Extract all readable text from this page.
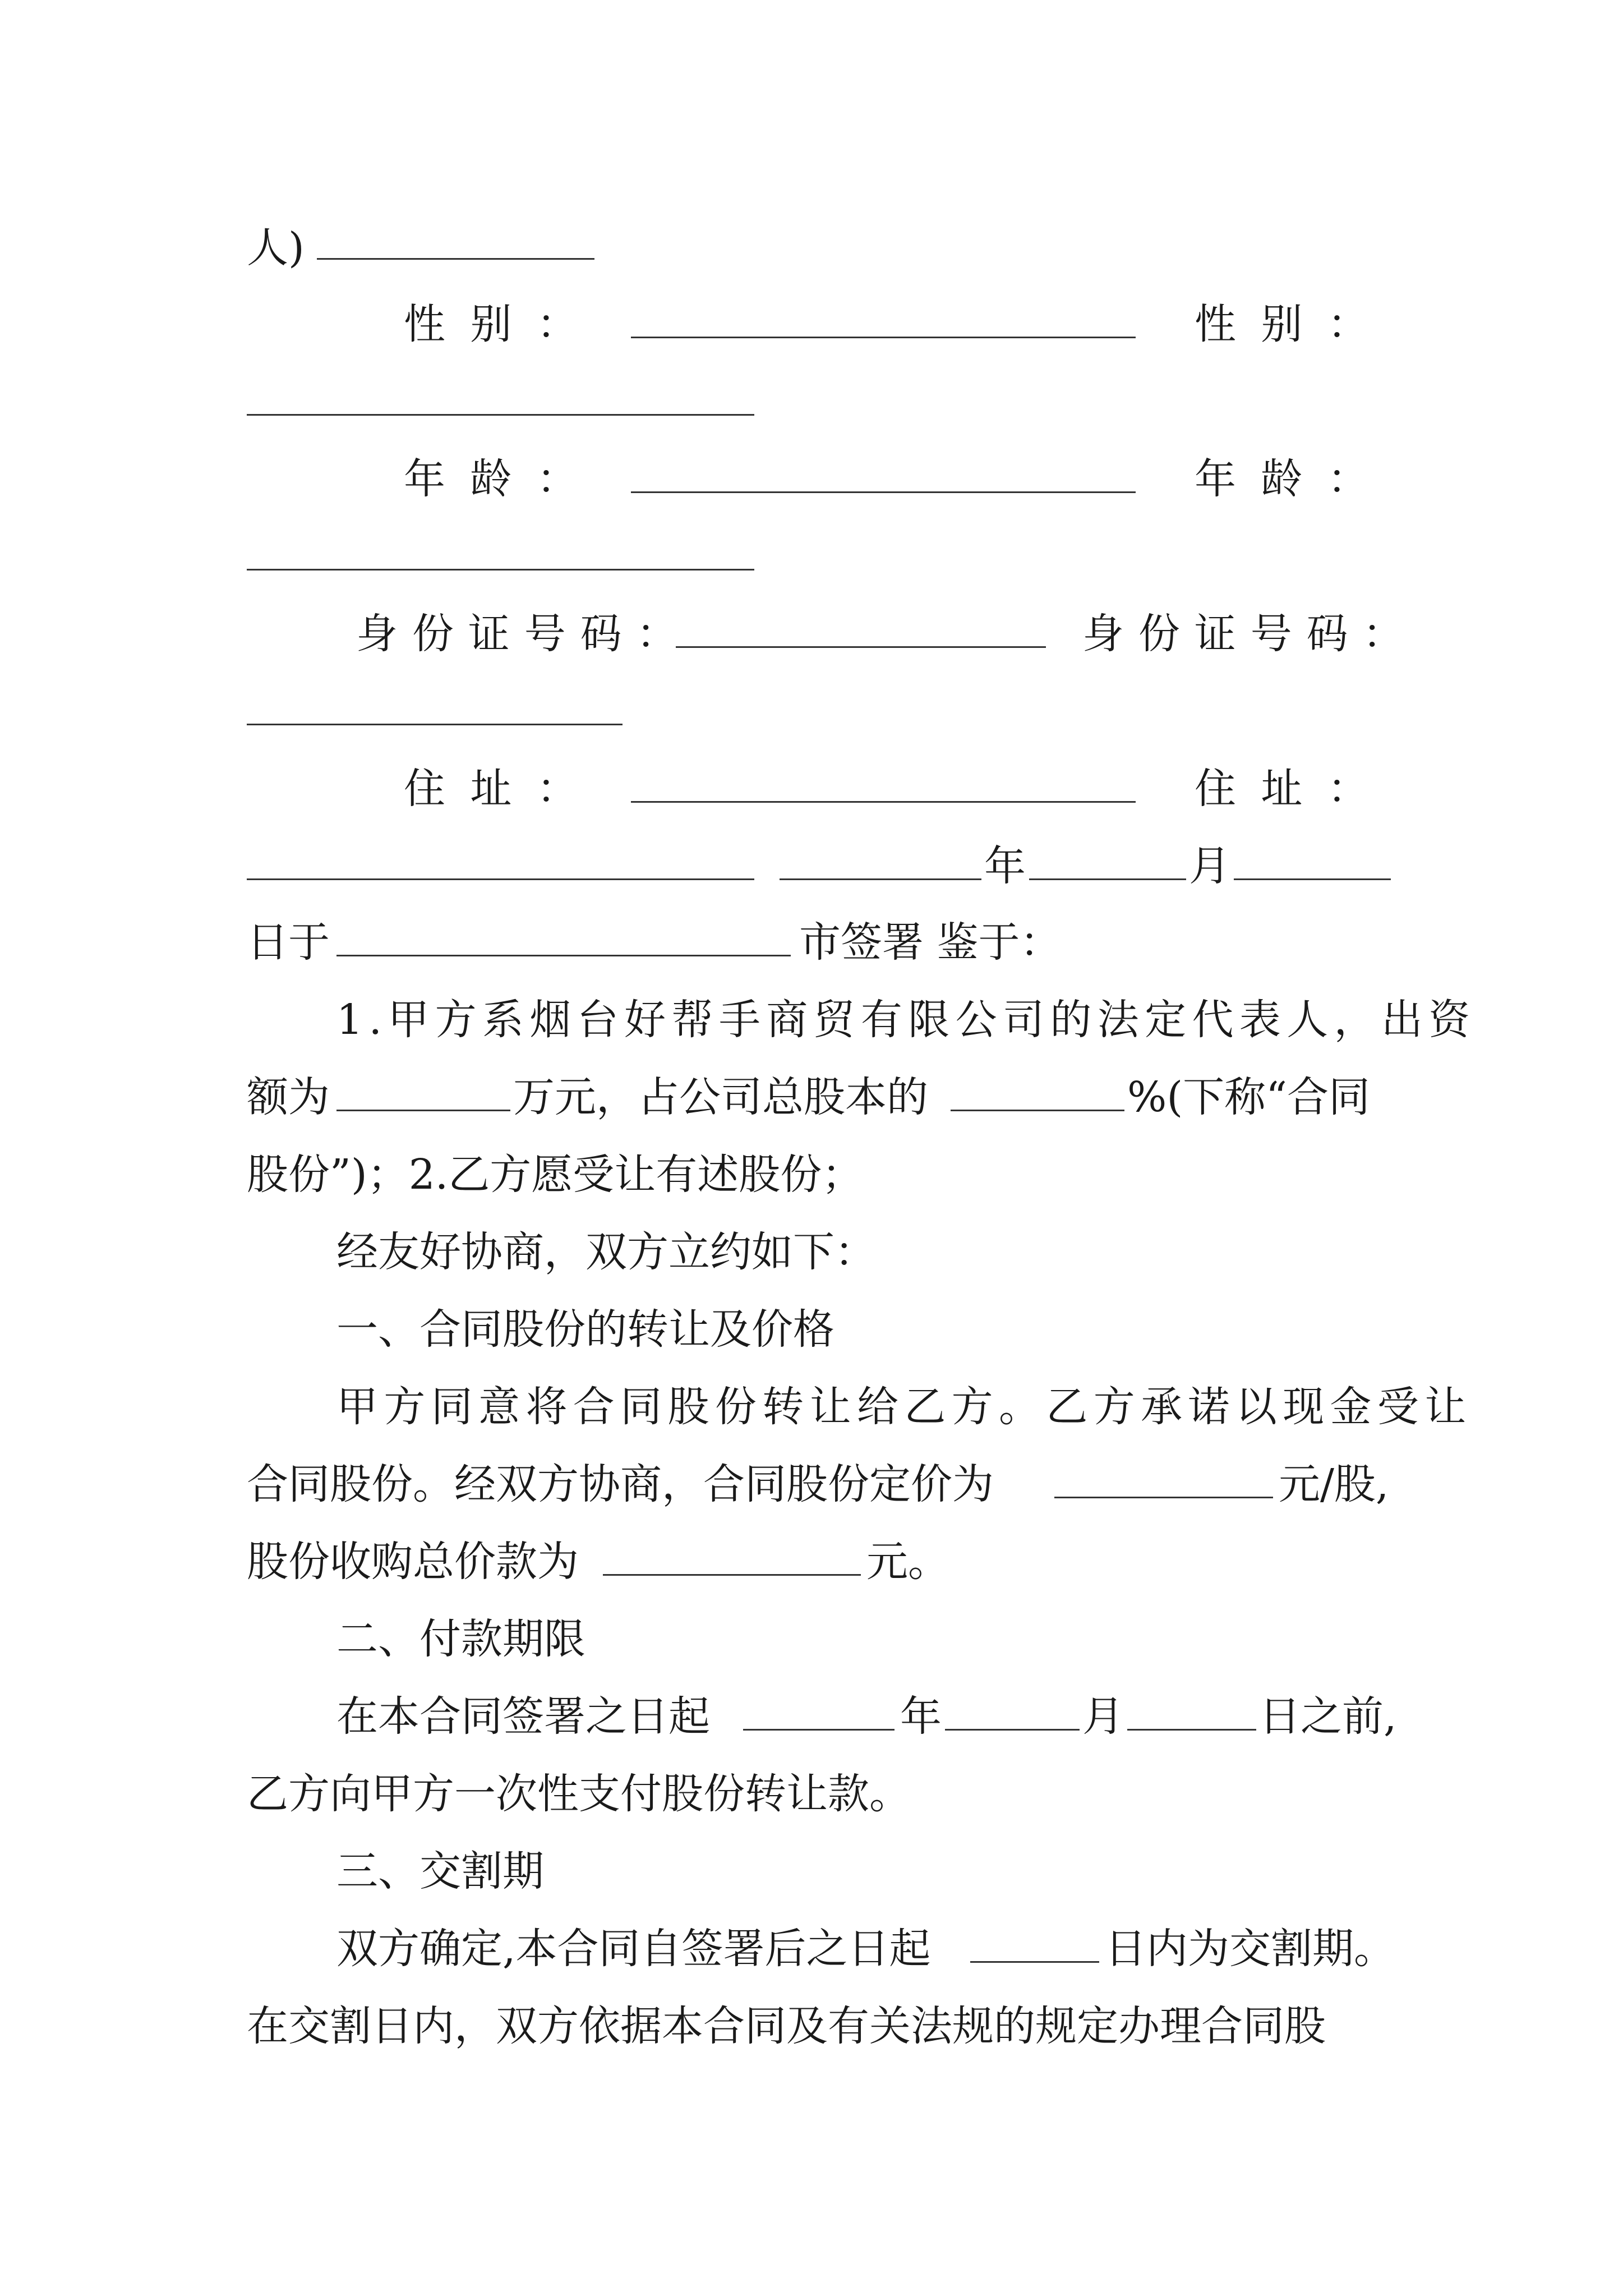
人)
性别：	性别：
年龄：	年龄：
身份证号码：	身份证号码：
住址：	住址：
年	月
日于	市签署 鉴于：
1.甲方系烟台好帮手商贸有限公司的法定代表人，出资
额为	万元，占公司总股本的	%(下称“合同
股份”)；2.乙方愿受让有述股份；
经友好协商，双方立约如下：
一、合同股份的转让及价格
甲方同意将合同股份转让给乙方。乙方承诺以现金受让
合同股份。经双方协商，合同股份定价为	元/股,
股份收购总价款为	元。
二、付款期限
在本合同签署之日起	年	月	日之前,
乙方向甲方一次性支付股份转让款。
三、交割期
双方确定,本合同自签署后之日起	日内为交割期。
在交割日内，双方依据本合同及有关法规的规定办理合同股
